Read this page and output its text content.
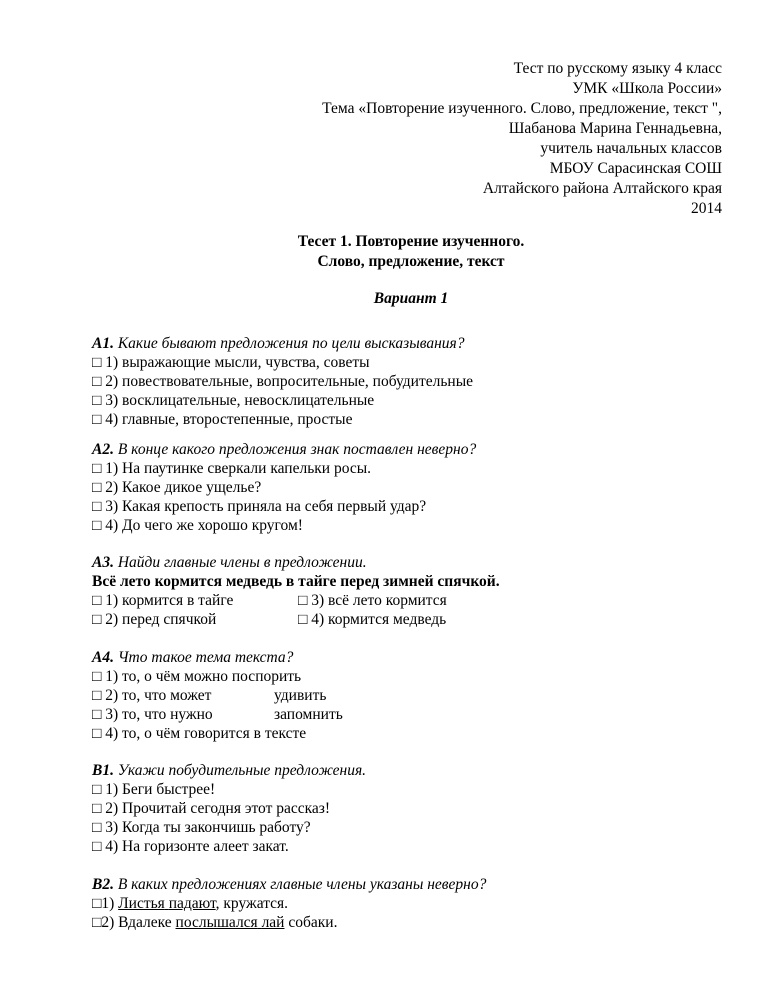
Тест по русскому языку 4 класс
УМК «Школа России»
Тема «Повторение изученного. Слово, предложение, текст ",
Шабанова Марина Геннадьевна,
учитель начальных классов
МБОУ Сарасинская СОШ
Алтайского района Алтайского края
2014
Тесет 1. Повторение изученного.
Слово, предложение, текст
Вариант 1
А1. Какие бывают предложения по цели высказывания?
□ 1) выражающие мысли, чувства, советы
□ 2) повествовательные, вопросительные, побудительные
□ 3) восклицательные, невосклицательные
□ 4) главные, второстепенные, простые
А2. В конце какого предложения знак поставлен неверно?
□ 1) На паутинке сверкали капельки росы.
□ 2) Какое дикое ущелье?
□ 3) Какая крепость приняла на себя первый удар?
□ 4) До чего же хорошо кругом!
А3. Найди главные члены в предложении.
Всё лето кормится медведь в тайге перед зимней спячкой.
□ 1) кормится в тайге	□ 3) всё лето кормится
□ 2) перед спячкой	□ 4) кормится медведь
А4. Что такое тема текста?
□ 1) то, о чём можно поспорить
□ 2) то, что может	удивить
□ 3) то, что нужно	запомнить
□ 4) то, о чём говорится в тексте
В1. Укажи побудительные предложения.
□ 1) Беги быстрее!
□ 2) Прочитай сегодня этот рассказ!
□ 3) Когда ты закончишь работу?
□ 4) На горизонте алеет закат.
В2. В каких предложениях главные члены указаны неверно?
□1) Листья падают, кружатся.
□2) Вдалеке послышался лай собаки.
